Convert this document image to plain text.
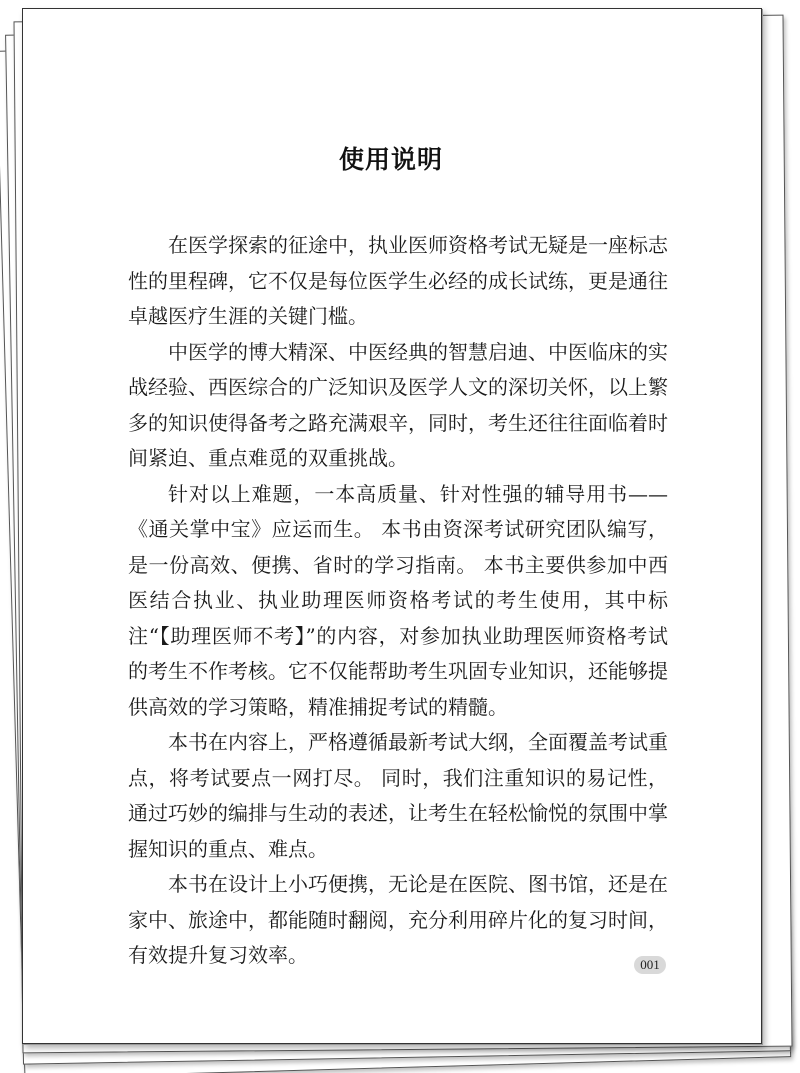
使用说明

在医学探索的征途中，执业医师资格考试无疑是一座标志性的里程碑，它不仅是每位医学生必经的成长试练，更是通往卓越医疗生涯的关键门槛。

中医学的博大精深、中医经典的智慧启迪、中医临床的实战经验、西医综合的广泛知识及医学人文的深切关怀，以上繁多的知识使得备考之路充满艰辛，同时，考生还往往面临着时间紧迫、重点难觅的双重挑战。

针对以上难题，一本高质量、针对性强的辅导用书——《通关掌中宝》应运而生。 本书由资深考试研究团队编写，是一份高效、便携、省时的学习指南。 本书主要供参加中西医结合执业、执业助理医师资格考试的考生使用，其中标注“【助理医师不考】”的内容，对参加执业助理医师资格考试的考生不作考核。它不仅能帮助考生巩固专业知识，还能够提供高效的学习策略，精准捕捉考试的精髓。

本书在内容上，严格遵循最新考试大纲，全面覆盖考试重点，将考试要点一网打尽。 同时，我们注重知识的易记性，通过巧妙的编排与生动的表述，让考生在轻松愉悦的氛围中掌握知识的重点、难点。

本书在设计上小巧便携，无论是在医院、图书馆，还是在家中、旅途中，都能随时翻阅，充分利用碎片化的复习时间，有效提升复习效率。	001
